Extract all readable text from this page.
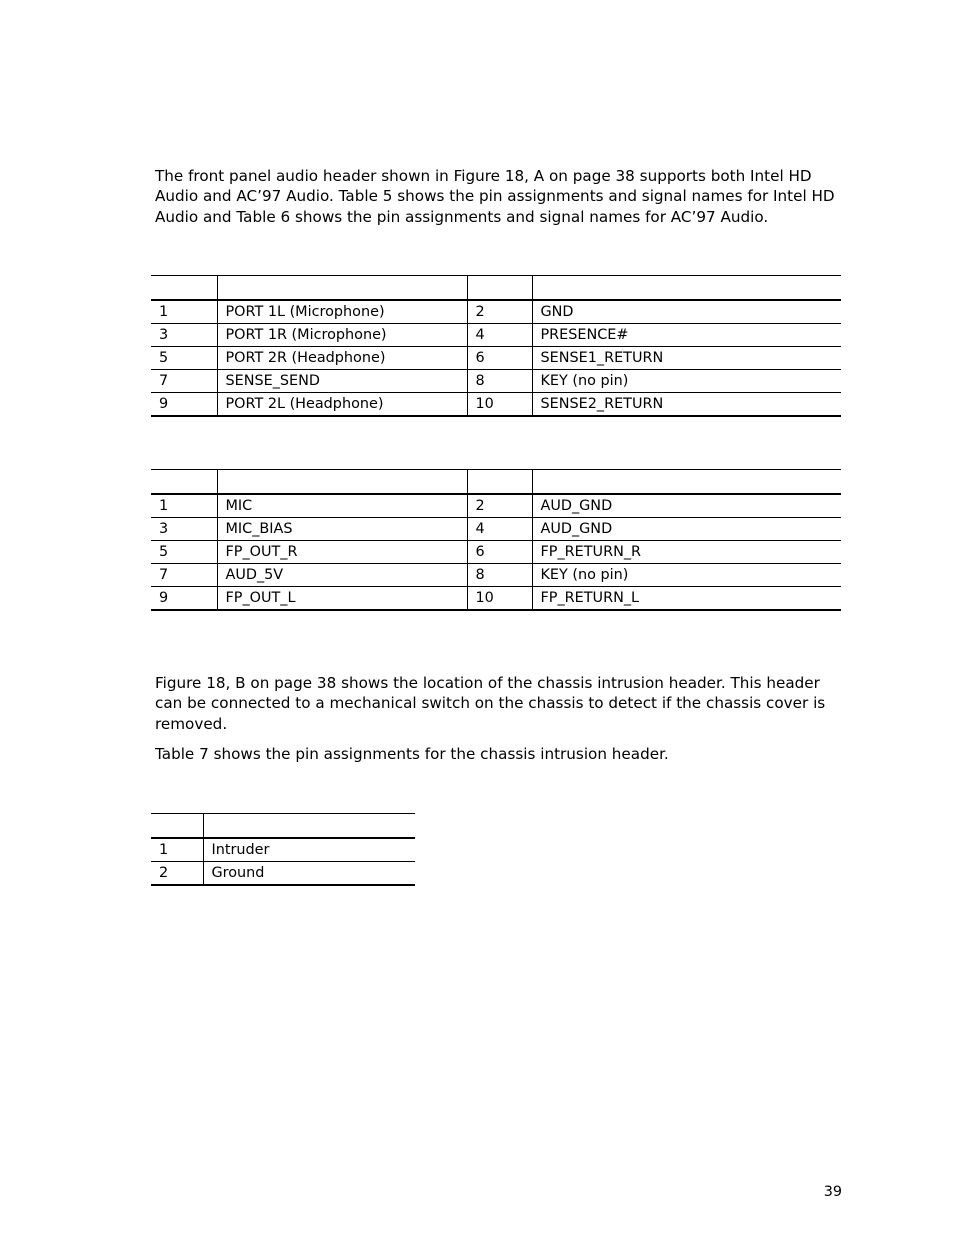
The front panel audio header shown in Figure 18, A on page 38 supports both Intel HD Audio and AC’97 Audio. Table 5 shows the pin assignments and signal names for Intel HD Audio and Table 6 shows the pin assignments and signal names for AC’97 Audio.

1	PORT 1L (Microphone)	2	GND
3	PORT 1R (Microphone)	4	PRESENCE#
5	PORT 2R (Headphone)	6	SENSE1_RETURN
7	SENSE_SEND	8	KEY (no pin)
9	PORT 2L (Headphone)	10	SENSE2_RETURN

1	MIC	2	AUD_GND
3	MIC_BIAS	4	AUD_GND
5	FP_OUT_R	6	FP_RETURN_R
7	AUD_5V	8	KEY (no pin)
9	FP_OUT_L	10	FP_RETURN_L

Figure 18, B on page 38 shows the location of the chassis intrusion header. This header can be connected to a mechanical switch on the chassis to detect if the chassis cover is removed.

Table 7 shows the pin assignments for the chassis intrusion header.

1	Intruder
2	Ground
39
